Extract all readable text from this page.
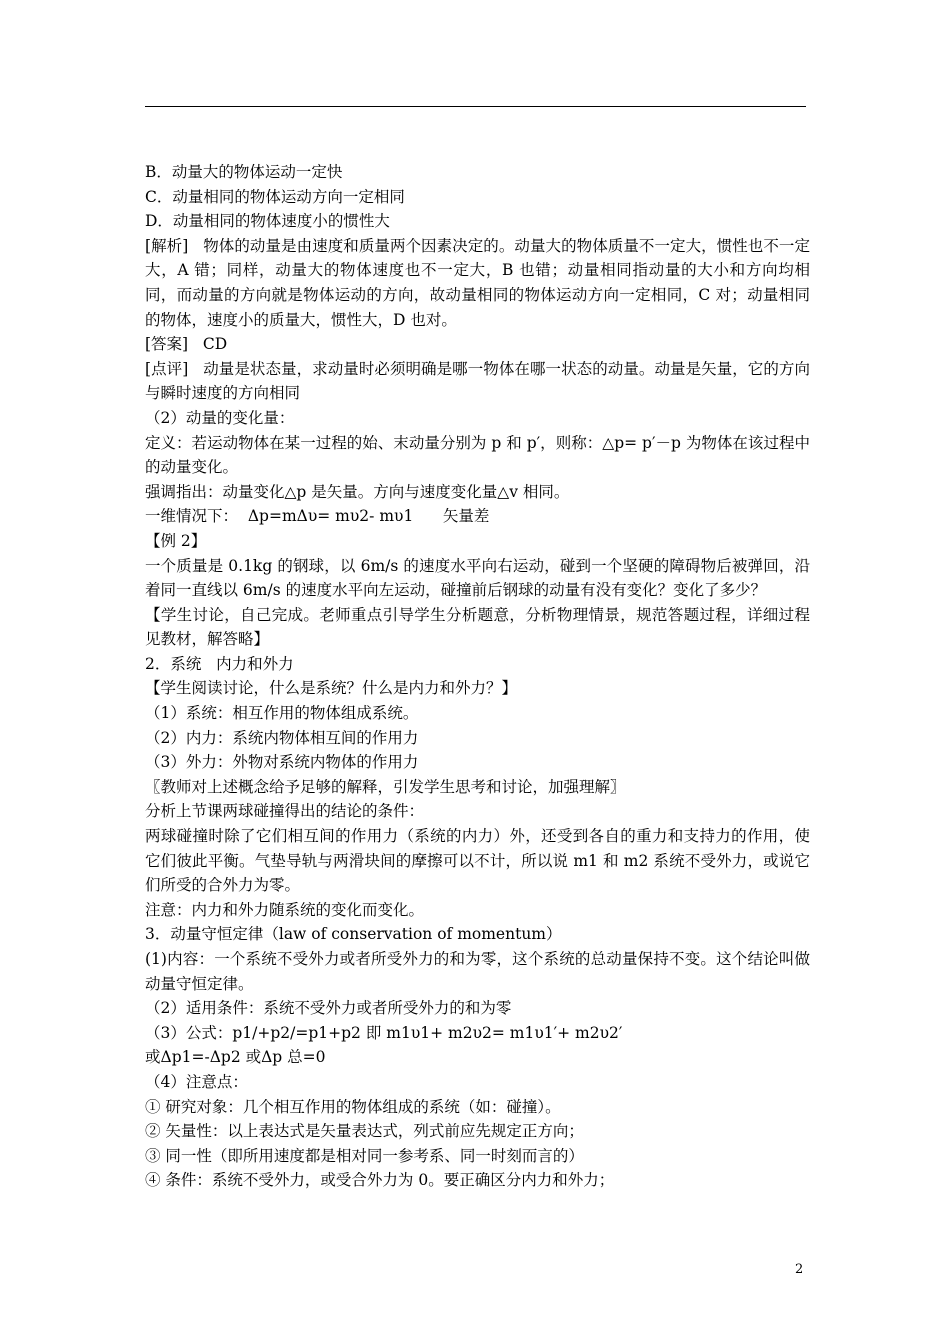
B．动量大的物体运动一定快

C．动量相同的物体运动方向一定相同

D．动量相同的物体速度小的惯性大

[解析]   物体的动量是由速度和质量两个因素决定的。动量大的物体质量不一定大，惯性也不一定大，A 错；同样，动量大的物体速度也不一定大，B 也错；动量相同指动量的大小和方向均相同，而动量的方向就是物体运动的方向，故动量相同的物体运动方向一定相同，C 对；动量相同的物体，速度小的质量大，惯性大，D 也对。

[答案]   CD

[点评]   动量是状态量，求动量时必须明确是哪一物体在哪一状态的动量。动量是矢量，它的方向与瞬时速度的方向相同

（2）动量的变化量：

定义：若运动物体在某一过程的始、末动量分别为 p 和 p′，则称：△p= p′－p 为物体在该过程中的动量变化。

强调指出：动量变化△p 是矢量。方向与速度变化量△v 相同。

一维情况下：  Δp=mΔυ= mυ2- mυ1      矢量差

【例 2】

一个质量是 0.1kg 的钢球，以 6m/s 的速度水平向右运动，碰到一个坚硬的障碍物后被弹回，沿着同一直线以 6m/s 的速度水平向左运动，碰撞前后钢球的动量有没有变化？变化了多少？

【学生讨论，自己完成。老师重点引导学生分析题意，分析物理情景，规范答题过程，详细过程见教材，解答略】

2．系统   内力和外力

【学生阅读讨论，什么是系统？什么是内力和外力？】

（1）系统：相互作用的物体组成系统。

（2）内力：系统内物体相互间的作用力

（3）外力：外物对系统内物体的作用力

〖教师对上述概念给予足够的解释，引发学生思考和讨论，加强理解〗

分析上节课两球碰撞得出的结论的条件：

两球碰撞时除了它们相互间的作用力（系统的内力）外，还受到各自的重力和支持力的作用，使它们彼此平衡。气垫导轨与两滑块间的摩擦可以不计，所以说 m1 和 m2 系统不受外力，或说它们所受的合外力为零。

注意：内力和外力随系统的变化而变化。

3．动量守恒定律（law of conservation of momentum）

(1)内容：一个系统不受外力或者所受外力的和为零，这个系统的总动量保持不变。这个结论叫做动量守恒定律。

（2）适用条件：系统不受外力或者所受外力的和为零

（3）公式：p1/+p2/=p1+p2 即 m1υ1+ m2υ2= m1υ1′+ m2υ2′

或Δp1=-Δp2 或Δp 总=0

（4）注意点：

① 研究对象：几个相互作用的物体组成的系统（如：碰撞）。

② 矢量性：以上表达式是矢量表达式，列式前应先规定正方向；

③ 同一性（即所用速度都是相对同一参考系、同一时刻而言的）

④ 条件：系统不受外力，或受合外力为 0。要正确区分内力和外力；

2
